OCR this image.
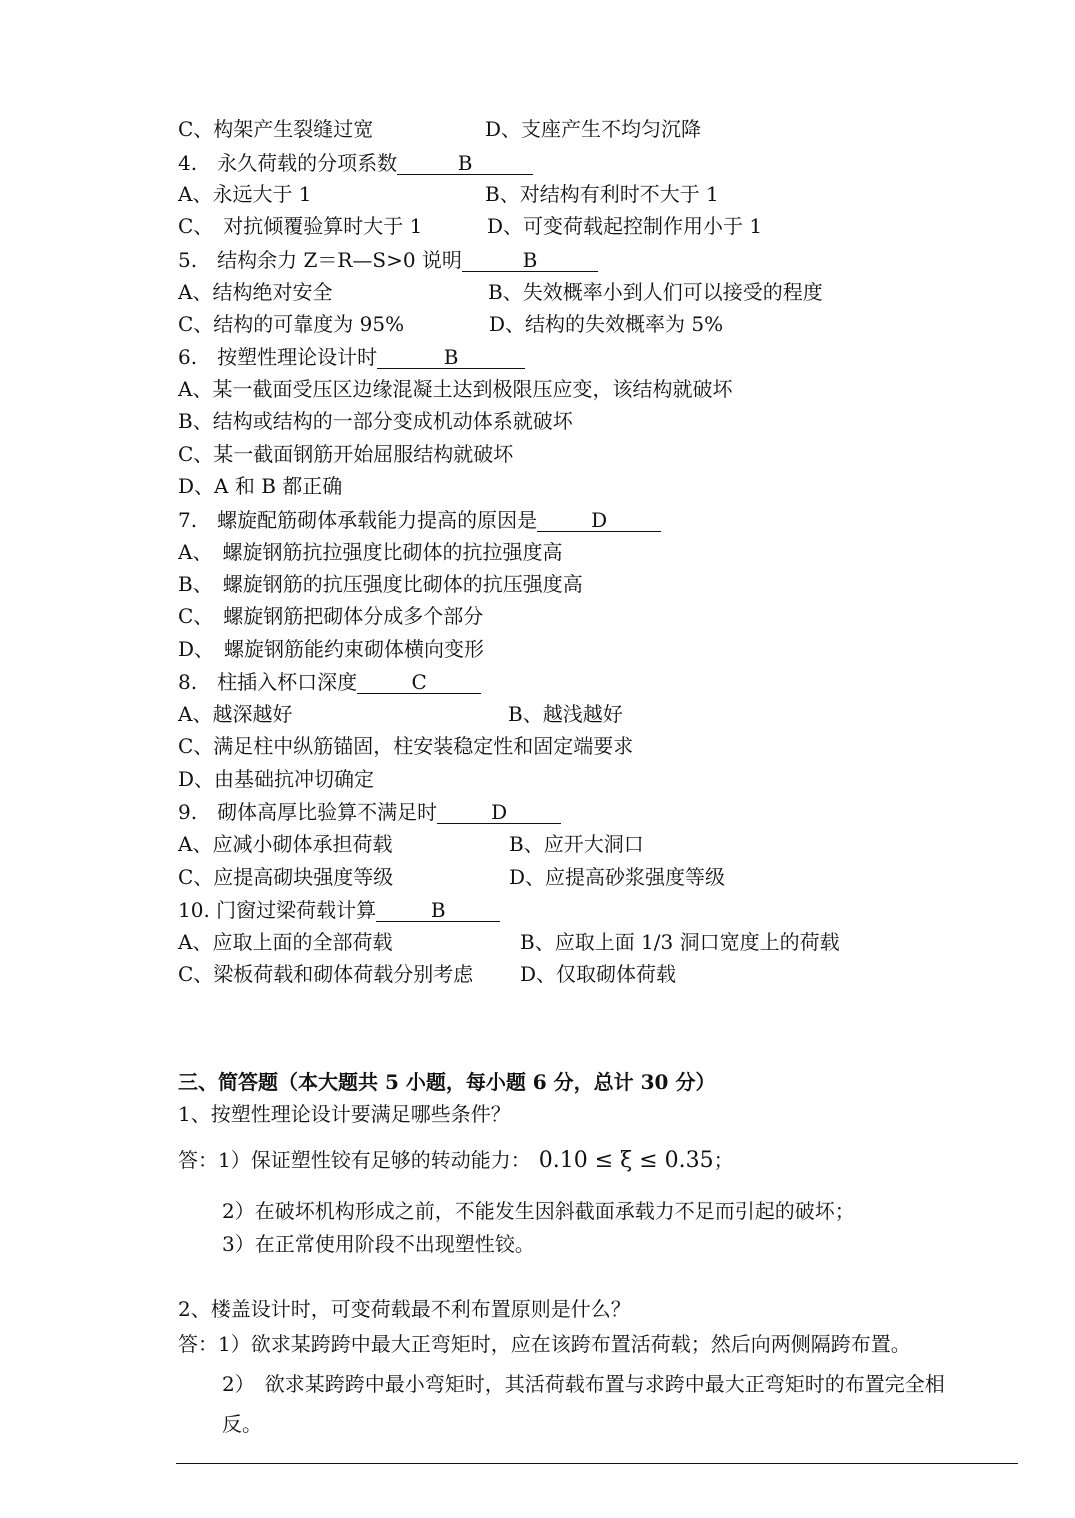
C、构架产生裂缝过宽	D、支座产生不均匀沉降
4.　永久荷载的分项系数	B
A、永远大于 1	B、对结构有利时不大于 1
C、　对抗倾覆验算时大于 1	D、可变荷载起控制作用小于 1
5.　结构余力 Z＝R—S>0 说明	B
A、结构绝对安全	B、失效概率小到人们可以接受的程度
C、结构的可靠度为 95%	D、结构的失效概率为 5%
6.　按塑性理论设计时	B
A、某一截面受压区边缘混凝土达到极限压应变，该结构就破坏
B、结构或结构的一部分变成机动体系就破坏
C、某一截面钢筋开始屈服结构就破坏
D、A 和 B 都正确
7.　螺旋配筋砌体承载能力提高的原因是	D
A、　螺旋钢筋抗拉强度比砌体的抗拉强度高
B、　螺旋钢筋的抗压强度比砌体的抗压强度高
C、　螺旋钢筋把砌体分成多个部分
D、　螺旋钢筋能约束砌体横向变形
8.　柱插入杯口深度	C
A、越深越好	B、越浅越好
C、满足柱中纵筋锚固，柱安装稳定性和固定端要求
D、由基础抗冲切确定
9.　砌体高厚比验算不满足时	D
A、应减小砌体承担荷载	B、应开大洞口
C、应提高砌块强度等级	D、应提高砂浆强度等级
10. 门窗过梁荷载计算	B
A、应取上面的全部荷载	B、应取上面 1/3 洞口宽度上的荷载
C、梁板荷载和砌体荷载分别考虑 D、仅取砌体荷载
三、简答题（本大题共 5 小题，每小题 6 分，总计 30 分）
1、按塑性理论设计要满足哪些条件？
答：1）保证塑性铰有足够的转动能力： 0.10 ≤ ξ ≤ 0.35；
2）在破坏机构形成之前，不能发生因斜截面承载力不足而引起的破坏；
3）在正常使用阶段不出现塑性铰。
2、楼盖设计时，可变荷载最不利布置原则是什么？
答：1）欲求某跨跨中最大正弯矩时，应在该跨布置活荷载；然后向两侧隔跨布置。
2）　欲求某跨跨中最小弯矩时，其活荷载布置与求跨中最大正弯矩时的布置完全相
反。
